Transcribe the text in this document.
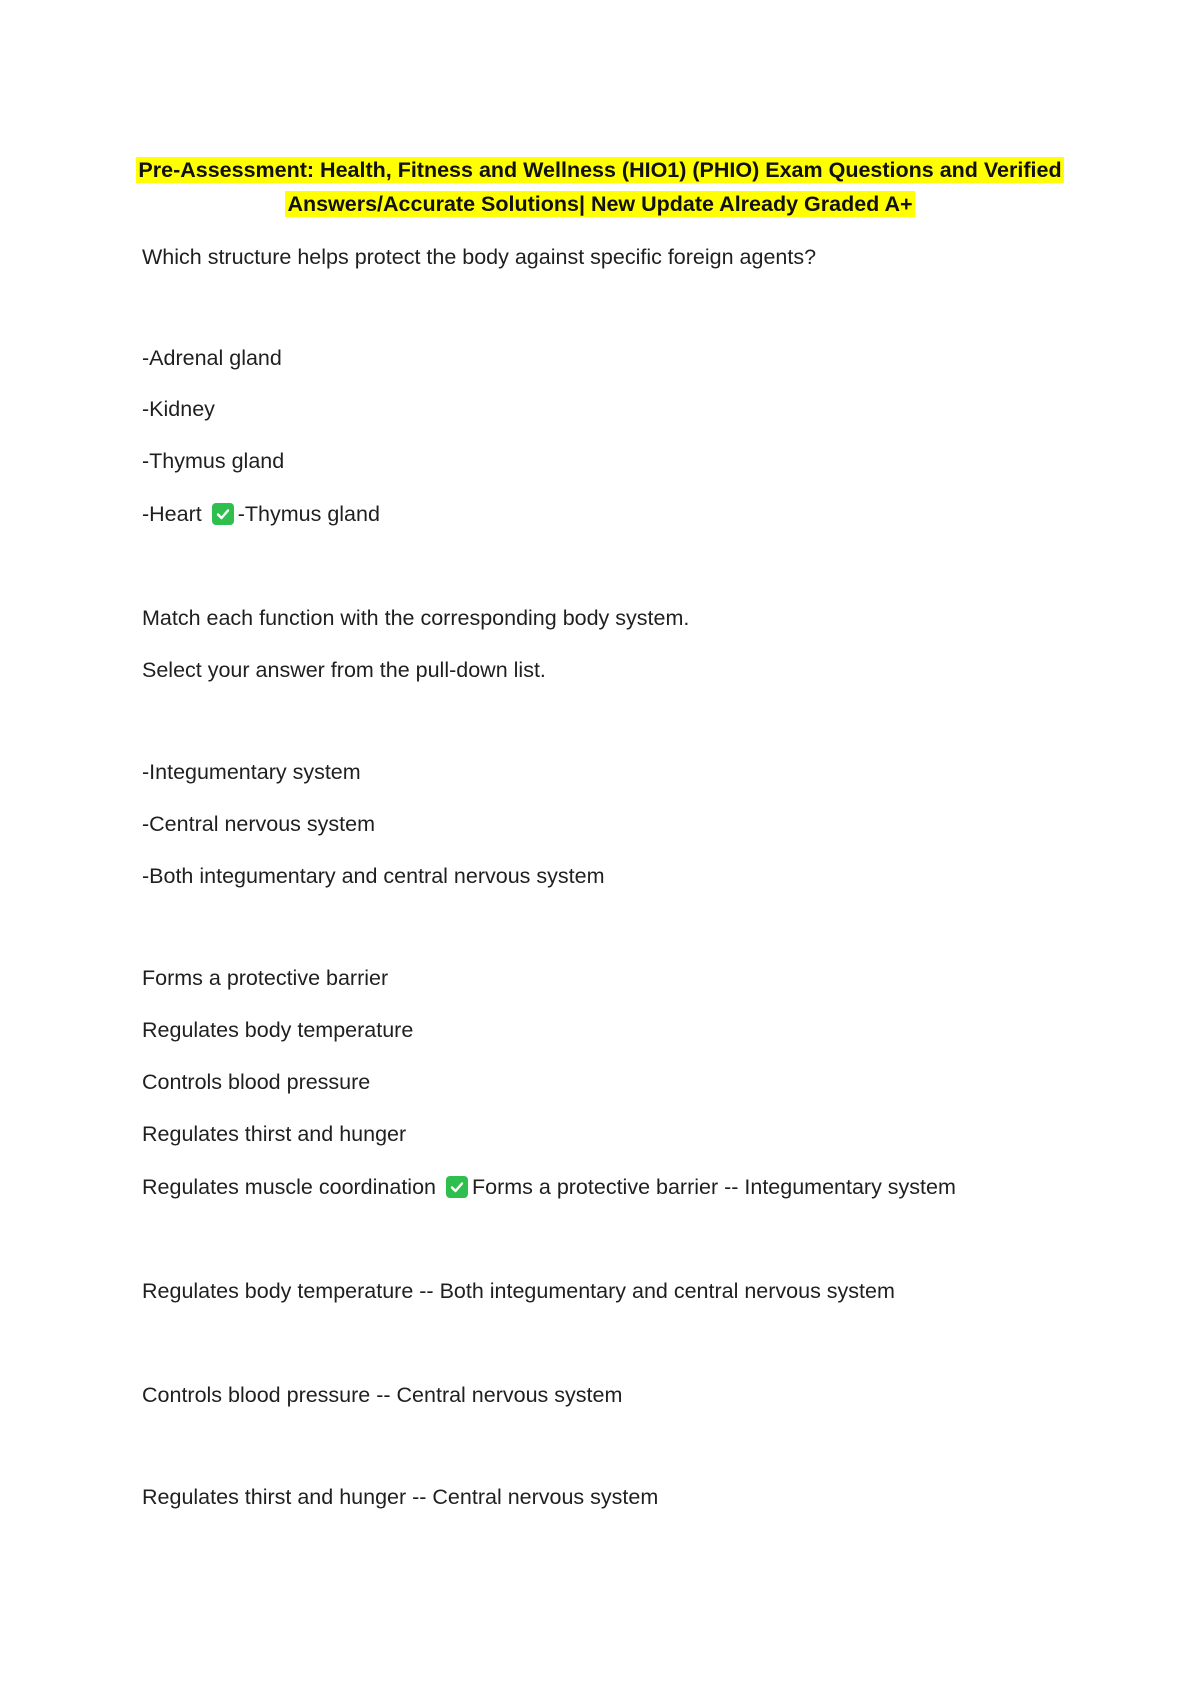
Pre-Assessment: Health, Fitness and Wellness (HIO1) (PHIO) Exam Questions and Verified
Answers/Accurate Solutions| New Update Already Graded A+
Which structure helps protect the body against specific foreign agents?
-Adrenal gland
-Kidney
-Thymus gland
-Heart -Thymus gland
Match each function with the corresponding body system.
Select your answer from the pull-down list.
-Integumentary system
-Central nervous system
-Both integumentary and central nervous system
Forms a protective barrier
Regulates body temperature
Controls blood pressure
Regulates thirst and hunger
Regulates muscle coordination Forms a protective barrier -- Integumentary system
Regulates body temperature -- Both integumentary and central nervous system
Controls blood pressure -- Central nervous system
Regulates thirst and hunger -- Central nervous system
